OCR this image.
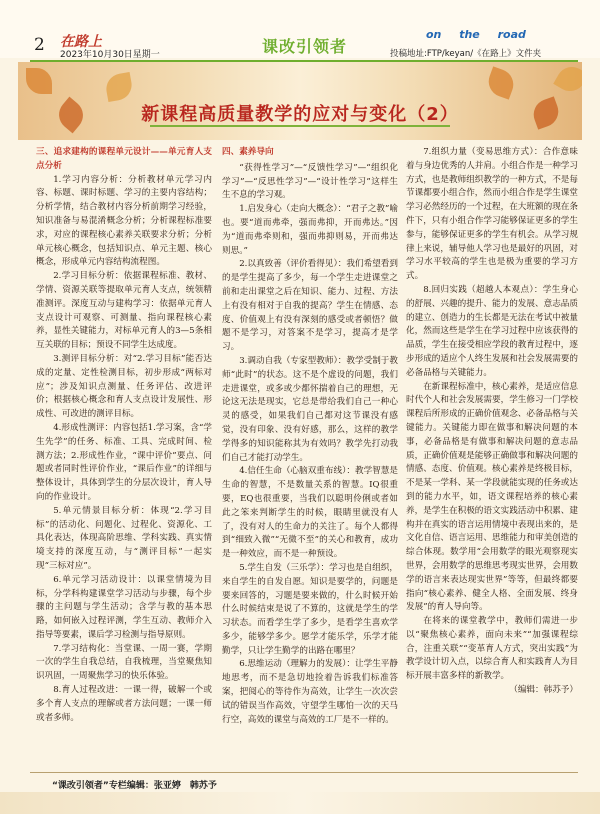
2 在路上
2023年10月30日星期一	课改引领者
on the road
投稿地址:FTP/keyan/《在路上》文件夹
新课程高质量教学的应对与变化（2）

三、追求建构的课程单元设计——单元育人支点分析

1.学习内容分析：分析教材单元学习内容、标题、课时标题、学习的主要内容结构；分析学情，结合教材内容分析前期学习经验，知识准备与易混淆概念分析；分析课程标准要求，对应的课程核心素养关联要求分析；分析单元核心概念，包括知识点、单元主题、核心概念，形成单元内容结构流程图。

2.学习目标分析：依据课程标准、教材、学情、资源关联等提取单元育人支点，统领精准测评。深度互动与建构学习：依据单元育人支点设计可观察、可测量、指向课程核心素养，显性关键能力，对标单元育人的3—5条相互关联的目标；预设不同学生达成度。

3.测评目标分析：对“2.学习目标”能否达成的定量、定性检测目标，初步形成“两标对应”；涉及知识点测量、任务评估、改进评价；根据核心概念和育人支点设计发展性、形成性、可改进的测评目标。

4.形成性测评：内容包括1.学习案，含“学生先学”的任务、标准、工具、完成时间、检测方法；2.形成性作业，“课中评价”要点、问题或者同时性评价作业，“课后作业”的详细与整体设计，具体到学生的分层次设计，育人导向的作业设计。

5.单元情景目标分析：体现“2.学习目标”的活动化、问题化、过程化、资源化、工具化表达，体现高阶思维、学科实践、真实情境支持的深度互动，与“测评目标”一起实现“三标对应”。

6.单元学习活动设计：以课堂情境为目标，分学科构建课堂学习活动与步骤，每个步骤的主问题与学生活动；含学与教的基本思路，如何嵌入过程评测，学生互动、教师介入指导等要素，课后学习检测与指导原则。

7.学习结构化：当堂课、一周一赛，学期一次的学生自我总结，自我梳理，当堂聚焦知识巩固，一周聚焦学习的快乐体验。

8.育人过程改进：一课一得，破解一个或多个育人支点的理解或者方法问题；一课一师或者多师。

四、素养导向

“获得性学习”—“反馈性学习”—“组织化学习”—“反思性学习”—“设计性学习”这样生生不息的学习观。

1.启发身心（走向大概念）：“君子之教”喻也。要“道而弗牵，强而弗抑，开而弗达。”因为“道而弗牵则和，强而弗抑则易，开而弗达则思。”

2.以真致善（评价看得见）：我们希望看到的是学生提高了多少，每一个学生走进课堂之前和走出课堂之后在知识、能力、过程、方法上有没有相对于自我的提高？学生在情感、态度、价值观上有没有深刻的感受或者顿悟？做题不是学习，对答案不是学习，提高才是学习。

3.调动自我（专家型教师）：教学受制于教师“此时”的状态。这不是个虚设的问题，我们走进课堂，或多或少都怀揣着自己的理想，无论这无法是现实，它总是带给我们自己一种心灵的感受，如果我们自己都对这节课没有感觉，没有印象、没有好感，那么，这样的教学学得多的知识能称其为有效吗？教学先打动我们自己才能打动学生。

4.信任生命（心脑双重布线）：教学智慧是生命的智慧，不是数量关系的智慧。IQ很重要，EQ也很重要，当我们以聪明伶俐或者如此之笨来判断学生的时候，眼睛里就没有人了，没有对人的生命力的关注了。每个人都得到“细致入微”“无微不至”的关心和教育，成功是一种效应，而不是一种预设。

5.学生自发（三乐学）：学习也是自组织，来自学生的自发自愿。知识是要学的，问题是要来回答的，习题是要来做的，什么时候开始什么时候结束是说了不算的，这就是学生的学习状态。而看学生学了多少，是看学生喜欢学多少，能够学多少。愿学才能乐学，乐学才能勤学，只让学生勤学的出路在哪里？

6.思维运动（理解力的发展）：让学生平静地思考，而不是急切地捡着告诉我们标准答案，把阅心的等待作为高效，让学生一次次尝试的错误当作高效，守望学生哪怕一次的天马行空，高效的课堂与高效的工厂是不一样的。

7.组织力量（变易思维方式）：合作意味着与身边优秀的人并肩。小组合作是一种学习方式，也是教师组织教学的一种方式，不是每节课都要小组合作，然而小组合作是学生课堂学习必然经历的一个过程，在大班额的现在条件下，只有小组合作学习能够保证更多的学生参与，能够保证更多的学生有机会。从学习规律上来说，辅导他人学习也是最好的巩固，对学习水平较高的学生也是极为重要的学习方式。

8.回归实践（超越人本观点）：学生身心的舒展、兴趣的提升、能力的发展、意志品质的建立、创造力的生长都是无法在考试中被量化，然而这些是学生在学习过程中应该获得的品质，学生在接受相应学段的教育过程中，逐步形成的适应个人终生发展和社会发展需要的必备品格与关键能力。

在新课程标准中，核心素养，是适应信息时代个人和社会发展需要，学生修习一门学校课程后所形成的正确价值观念、必备品格与关键能力。关键能力即在做事和解决问题的本事，必备品格是有做事和解决问题的意志品质，正确价值观是能够正确做事和解决问题的情感、态度、价值观。核心素养是终极目标，不是某一学科、某一学段就能实现的任务或达到的能力水平，如，语文课程培养的核心素养，是学生在积极的语文实践活动中积累、建构并在真实的语言运用情境中表现出来的，是文化自信、语言运用、思维能力和审美创造的综合体现。数学用“会用数学的眼光观察现实世界，会用数学的思维思考现实世界，会用数学的语言来表达现实世界”等等，但最终都要指向“核心素养、健全人格、全面发展、终身发展”的育人导向等。

在将来的课堂教学中，教师们需进一步以“聚焦核心素养，面向未来”“加强课程综合，注重关联”“变革育人方式，突出实践”为教学设计切入点，以综合育人和实践育人为目标开展丰富多样的新教学。

（编辑：韩苏予）

“课改引领者”专栏编辑：张亚婷　韩苏予
